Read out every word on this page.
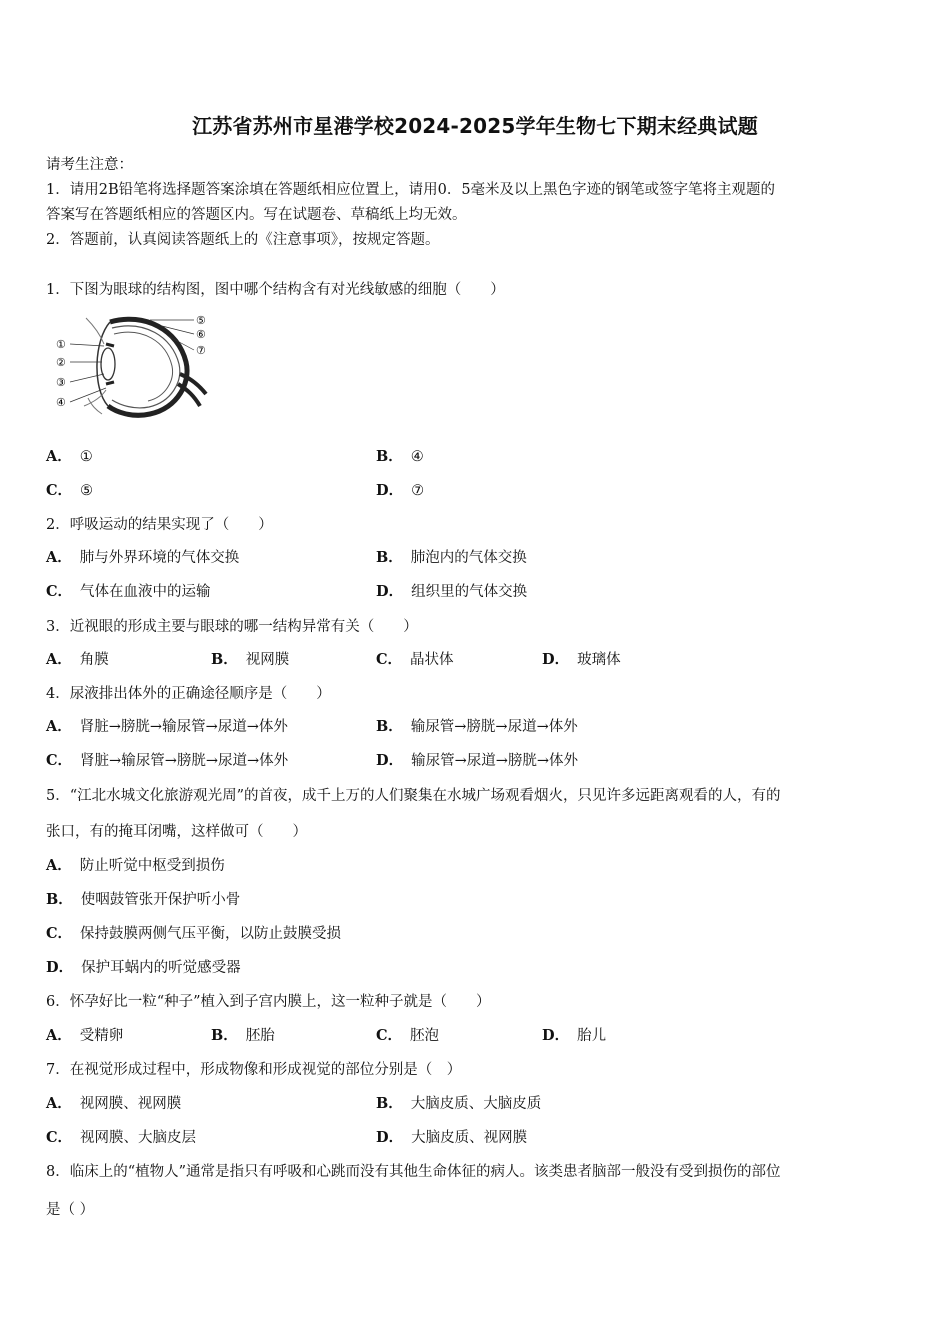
江苏省苏州市星港学校2024-2025学年生物七下期末经典试题
请考生注意：
1．请用2B铅笔将选择题答案涂填在答题纸相应位置上，请用0．5毫米及以上黑色字迹的钢笔或签字笔将主观题的
答案写在答题纸相应的答题区内。写在试题卷、草稿纸上均无效。
2．答题前，认真阅读答题纸上的《注意事项》，按规定答题。
1．下图为眼球的结构图，图中哪个结构含有对光线敏感的细胞（　　）
①
②
③
④
⑤
⑥
⑦
A． ①	B． ④
C． ⑤	D． ⑦
2．呼吸运动的结果实现了（　　）
A． 肺与外界环境的气体交换	B． 肺泡内的气体交换
C． 气体在血液中的运输	D． 组织里的气体交换
3．近视眼的形成主要与眼球的哪一结构异常有关（　　）
A． 角膜	B． 视网膜	C． 晶状体	D． 玻璃体
4．尿液排出体外的正确途径顺序是（　　）
A． 肾脏→膀胱→输尿管→尿道→体外	B． 输尿管→膀胱→尿道→体外
C． 肾脏→输尿管→膀胱→尿道→体外	D． 输尿管→尿道→膀胱→体外
5．“江北水城文化旅游观光周”的首夜，成千上万的人们聚集在水城广场观看烟火，只见许多远距离观看的人，有的
张口，有的掩耳闭嘴，这样做可（　　）
A． 防止听觉中枢受到损伤
B． 使咽鼓管张开保护听小骨
C． 保持鼓膜两侧气压平衡，以防止鼓膜受损
D． 保护耳蜗内的听觉感受器
6．怀孕好比一粒“种子”植入到子宫内膜上，这一粒种子就是（　　）
A． 受精卵	B． 胚胎	C． 胚泡	D． 胎儿
7．在视觉形成过程中，形成物像和形成视觉的部位分别是（　）
A． 视网膜、视网膜	B． 大脑皮质、大脑皮质
C． 视网膜、大脑皮层	D． 大脑皮质、视网膜
8．临床上的“植物人”通常是指只有呼吸和心跳而没有其他生命体征的病人。该类患者脑部一般没有受到损伤的部位
是（ ）
